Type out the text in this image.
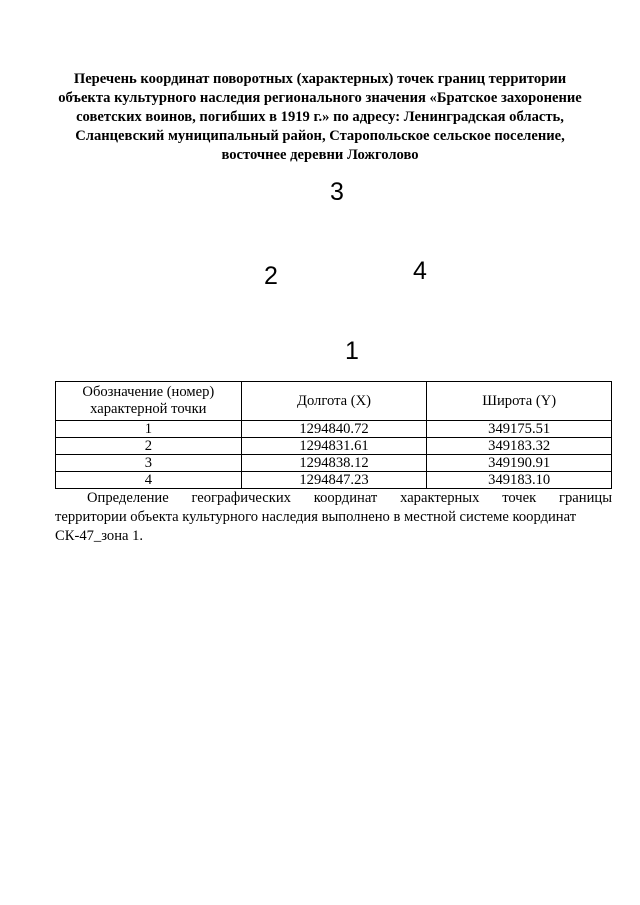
Перечень координат поворотных (характерных) точек границ территории
объекта культурного наследия регионального значения «Братское захоронение
советских воинов, погибших в 1919 г.» по адресу: Ленинградская область,
Сланцевский муниципальный район, Старопольское сельское поселение,
восточнее деревни Ложголово
3
2	4
1
Обозначение (номер) характерной точки	Долгота (X)	Широта (Y)
1	1294840.72	349175.51
2	1294831.61	349183.32
3	1294838.12	349190.91
4	1294847.23	349183.10
Определение географических координат характерных точек границы
территории объекта культурного наследия выполнено в местной системе координат
СК-47_зона 1.
